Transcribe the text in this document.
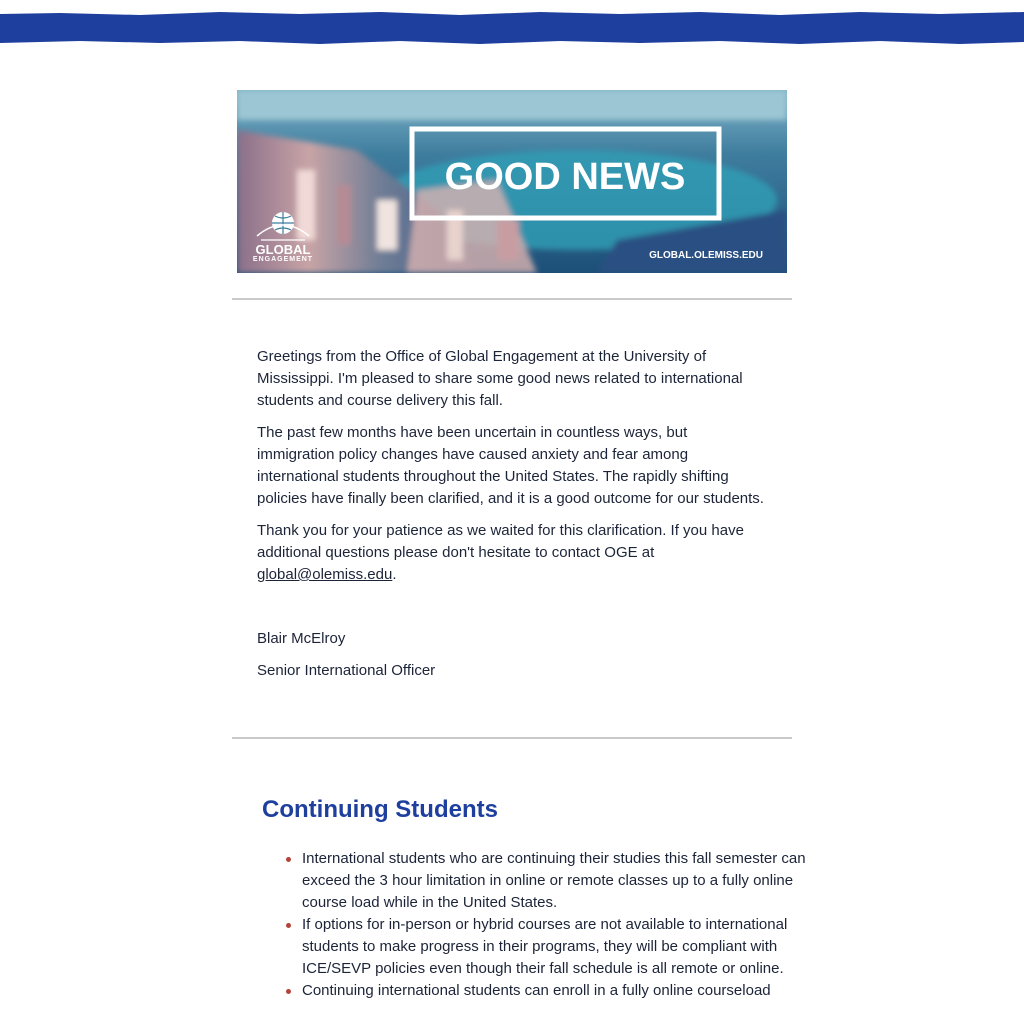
GOOD NEWS
GLOBAL
ENGAGEMENT	GLOBAL.OLEMISS.EDU

Greetings from the Office of Global Engagement at the University of Mississippi. I'm pleased to share some good news related to international students and course delivery this fall.

The past few months have been uncertain in countless ways, but immigration policy changes have caused anxiety and fear among international students throughout the United States. The rapidly shifting policies have finally been clarified, and it is a good outcome for our students.

Thank you for your patience as we waited for this clarification. If you have additional questions please don't hesitate to contact OGE at global@olemiss.edu.

Blair McElroy
Senior International Officer
Continuing Students
International students who are continuing their studies this fall semester can exceed the 3 hour limitation in online or remote classes up to a fully online course load while in the United States.
If options for in-person or hybrid courses are not available to international students to make progress in their programs, they will be compliant with ICE/SEVP policies even though their fall schedule is all remote or online.
Continuing international students can enroll in a fully online courseload
